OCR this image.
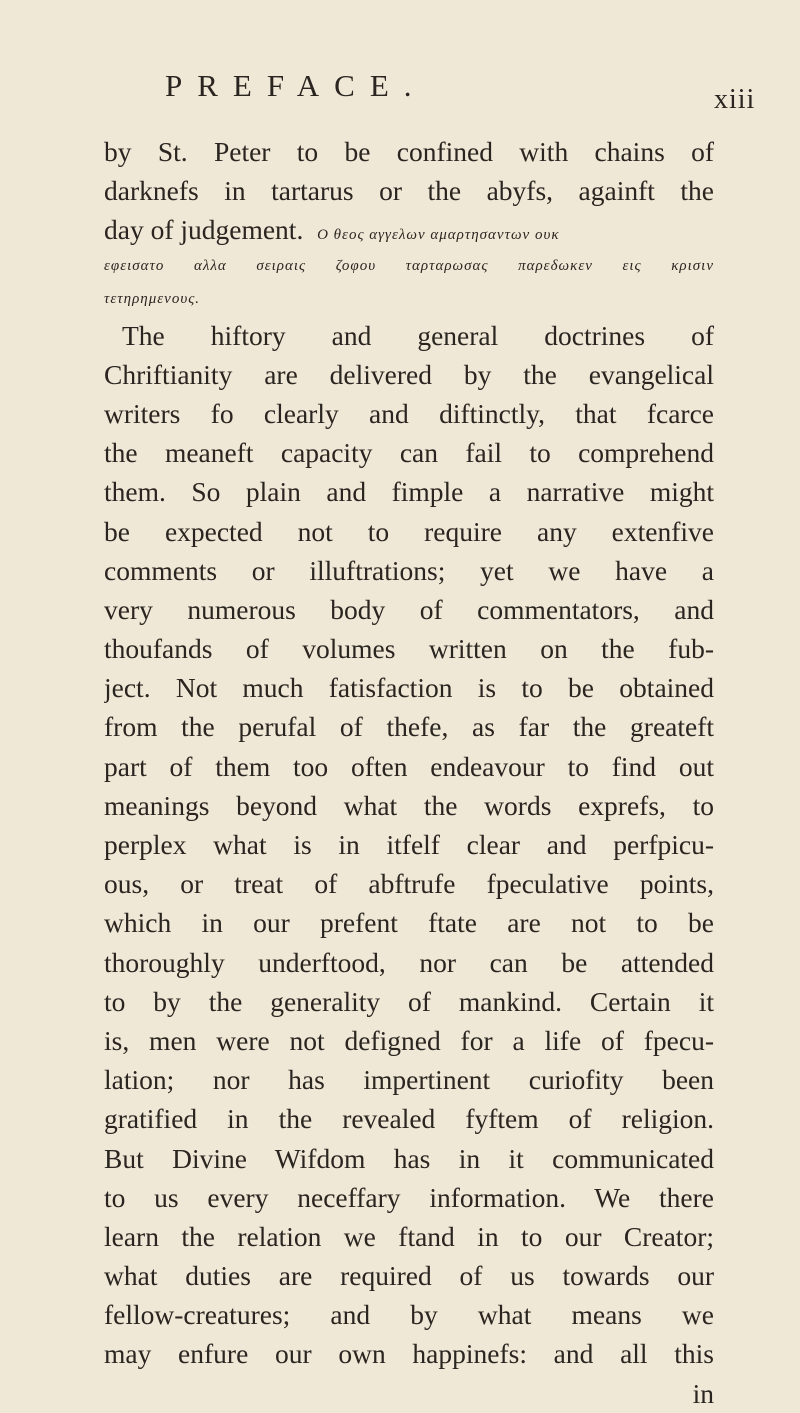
PREFACE.	xiii
by St. Peter to be confined with chains of
darknefs in tartarus or the abyfs, againft the
day of judgement. Ο θεος αγγελων αμαρτησαντων ουκ
εφεισατο αλλα σειραις ζοφου ταρταρωσας παρεδωκεν εις κρισιν
τετηρημενους.
The hiftory and general doctrines of
Chriftianity are delivered by the evangelical
writers fo clearly and diftinctly, that fcarce
the meaneft capacity can fail to comprehend
them. So plain and fimple a narrative might
be expected not to require any extenfive
comments or illuftrations; yet we have a
very numerous body of commentators, and
thoufands of volumes written on the fub-
ject. Not much fatisfaction is to be obtained
from the perufal of thefe, as far the greateft
part of them too often endeavour to find out
meanings beyond what the words exprefs, to
perplex what is in itfelf clear and perfpicu-
ous, or treat of abftrufe fpeculative points,
which in our prefent ftate are not to be
thoroughly underftood, nor can be attended
to by the generality of mankind. Certain it
is, men were not defigned for a life of fpecu-
lation; nor has impertinent curiofity been
gratified in the revealed fyftem of religion.
But Divine Wifdom has in it communicated
to us every neceffary information. We there
learn the relation we ftand in to our Creator;
what duties are required of us towards our
fellow-creatures; and by what means we
may enfure our own happinefs: and all this
in
